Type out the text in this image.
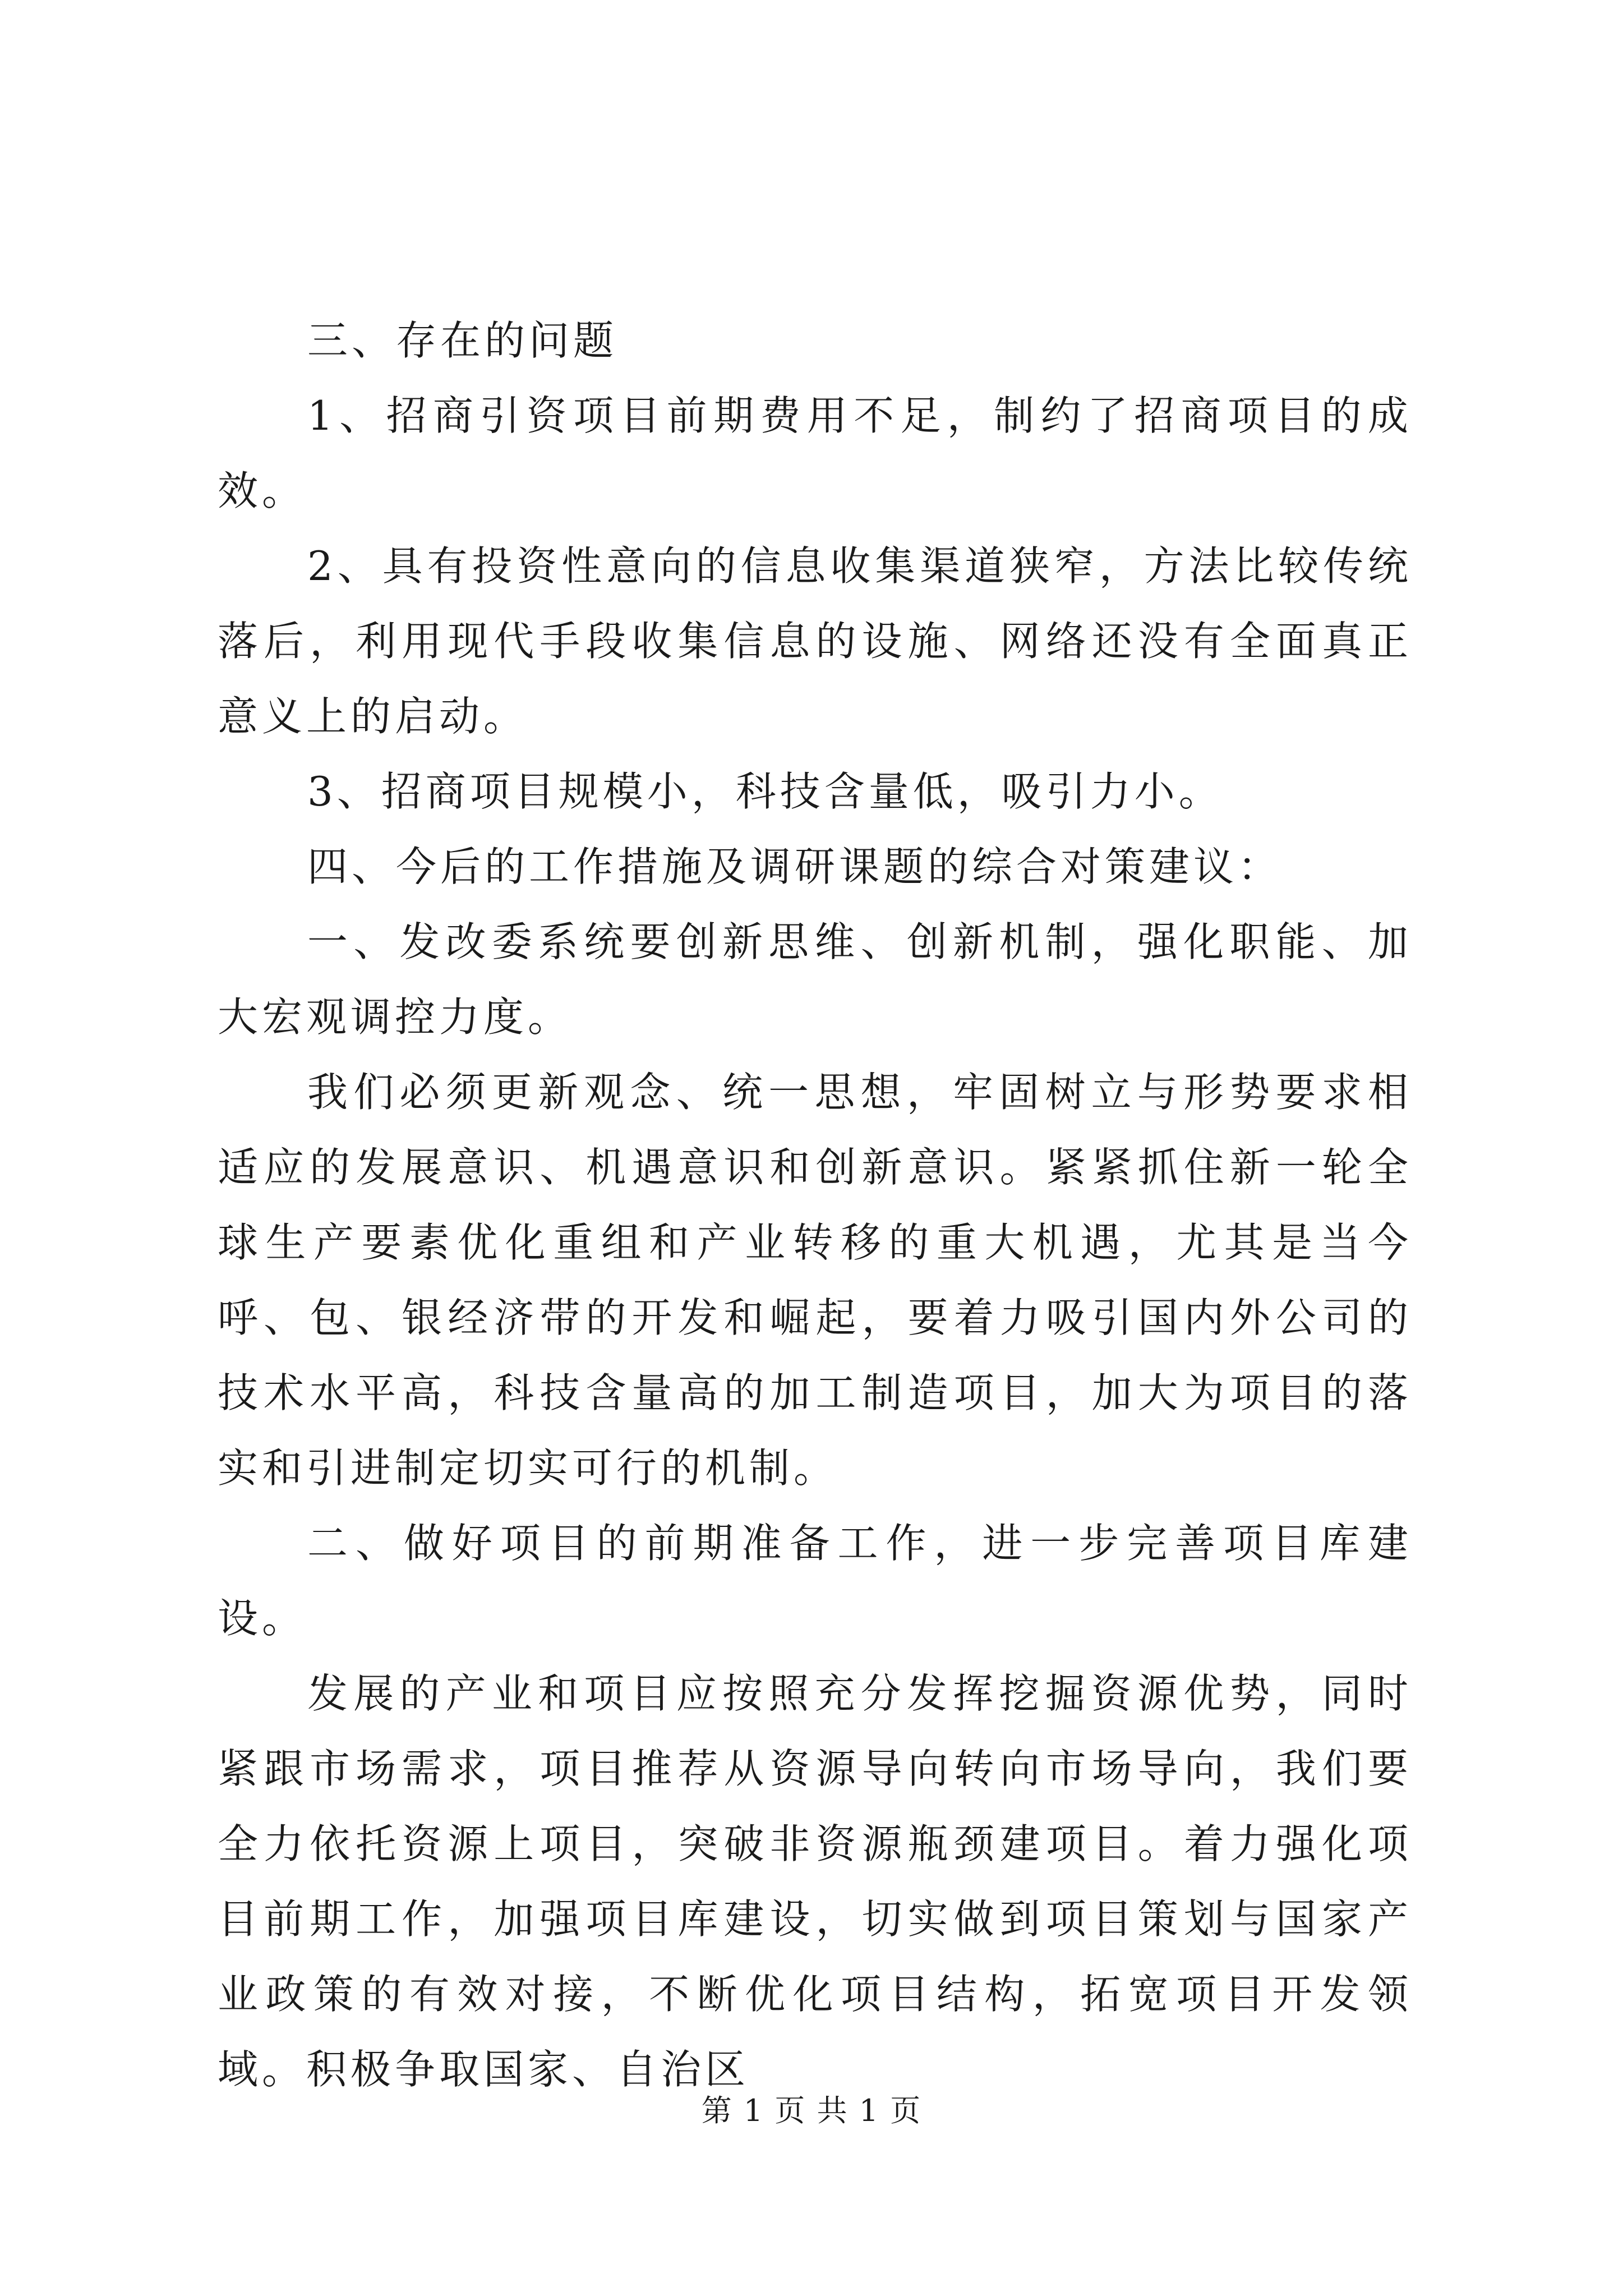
三、存在的问题

1、招商引资项目前期费用不足，制约了招商项目的成效。

2、具有投资性意向的信息收集渠道狭窄，方法比较传统落后，利用现代手段收集信息的设施、网络还没有全面真正意义上的启动。

3、招商项目规模小，科技含量低，吸引力小。

四、今后的工作措施及调研课题的综合对策建议：

一、发改委系统要创新思维、创新机制，强化职能、加大宏观调控力度。

我们必须更新观念、统一思想，牢固树立与形势要求相适应的发展意识、机遇意识和创新意识。紧紧抓住新一轮全球生产要素优化重组和产业转移的重大机遇，尤其是当今呼、包、银经济带的开发和崛起，要着力吸引国内外公司的技术水平高，科技含量高的加工制造项目，加大为项目的落实和引进制定切实可行的机制。

二、做好项目的前期准备工作，进一步完善项目库建设。

发展的产业和项目应按照充分发挥挖掘资源优势，同时紧跟市场需求，项目推荐从资源导向转向市场导向，我们要全力依托资源上项目，突破非资源瓶颈建项目。着力强化项目前期工作，加强项目库建设，切实做到项目策划与国家产业政策的有效对接，不断优化项目结构，拓宽项目开发领域。积极争取国家、自治区

第 1 页 共 1 页
